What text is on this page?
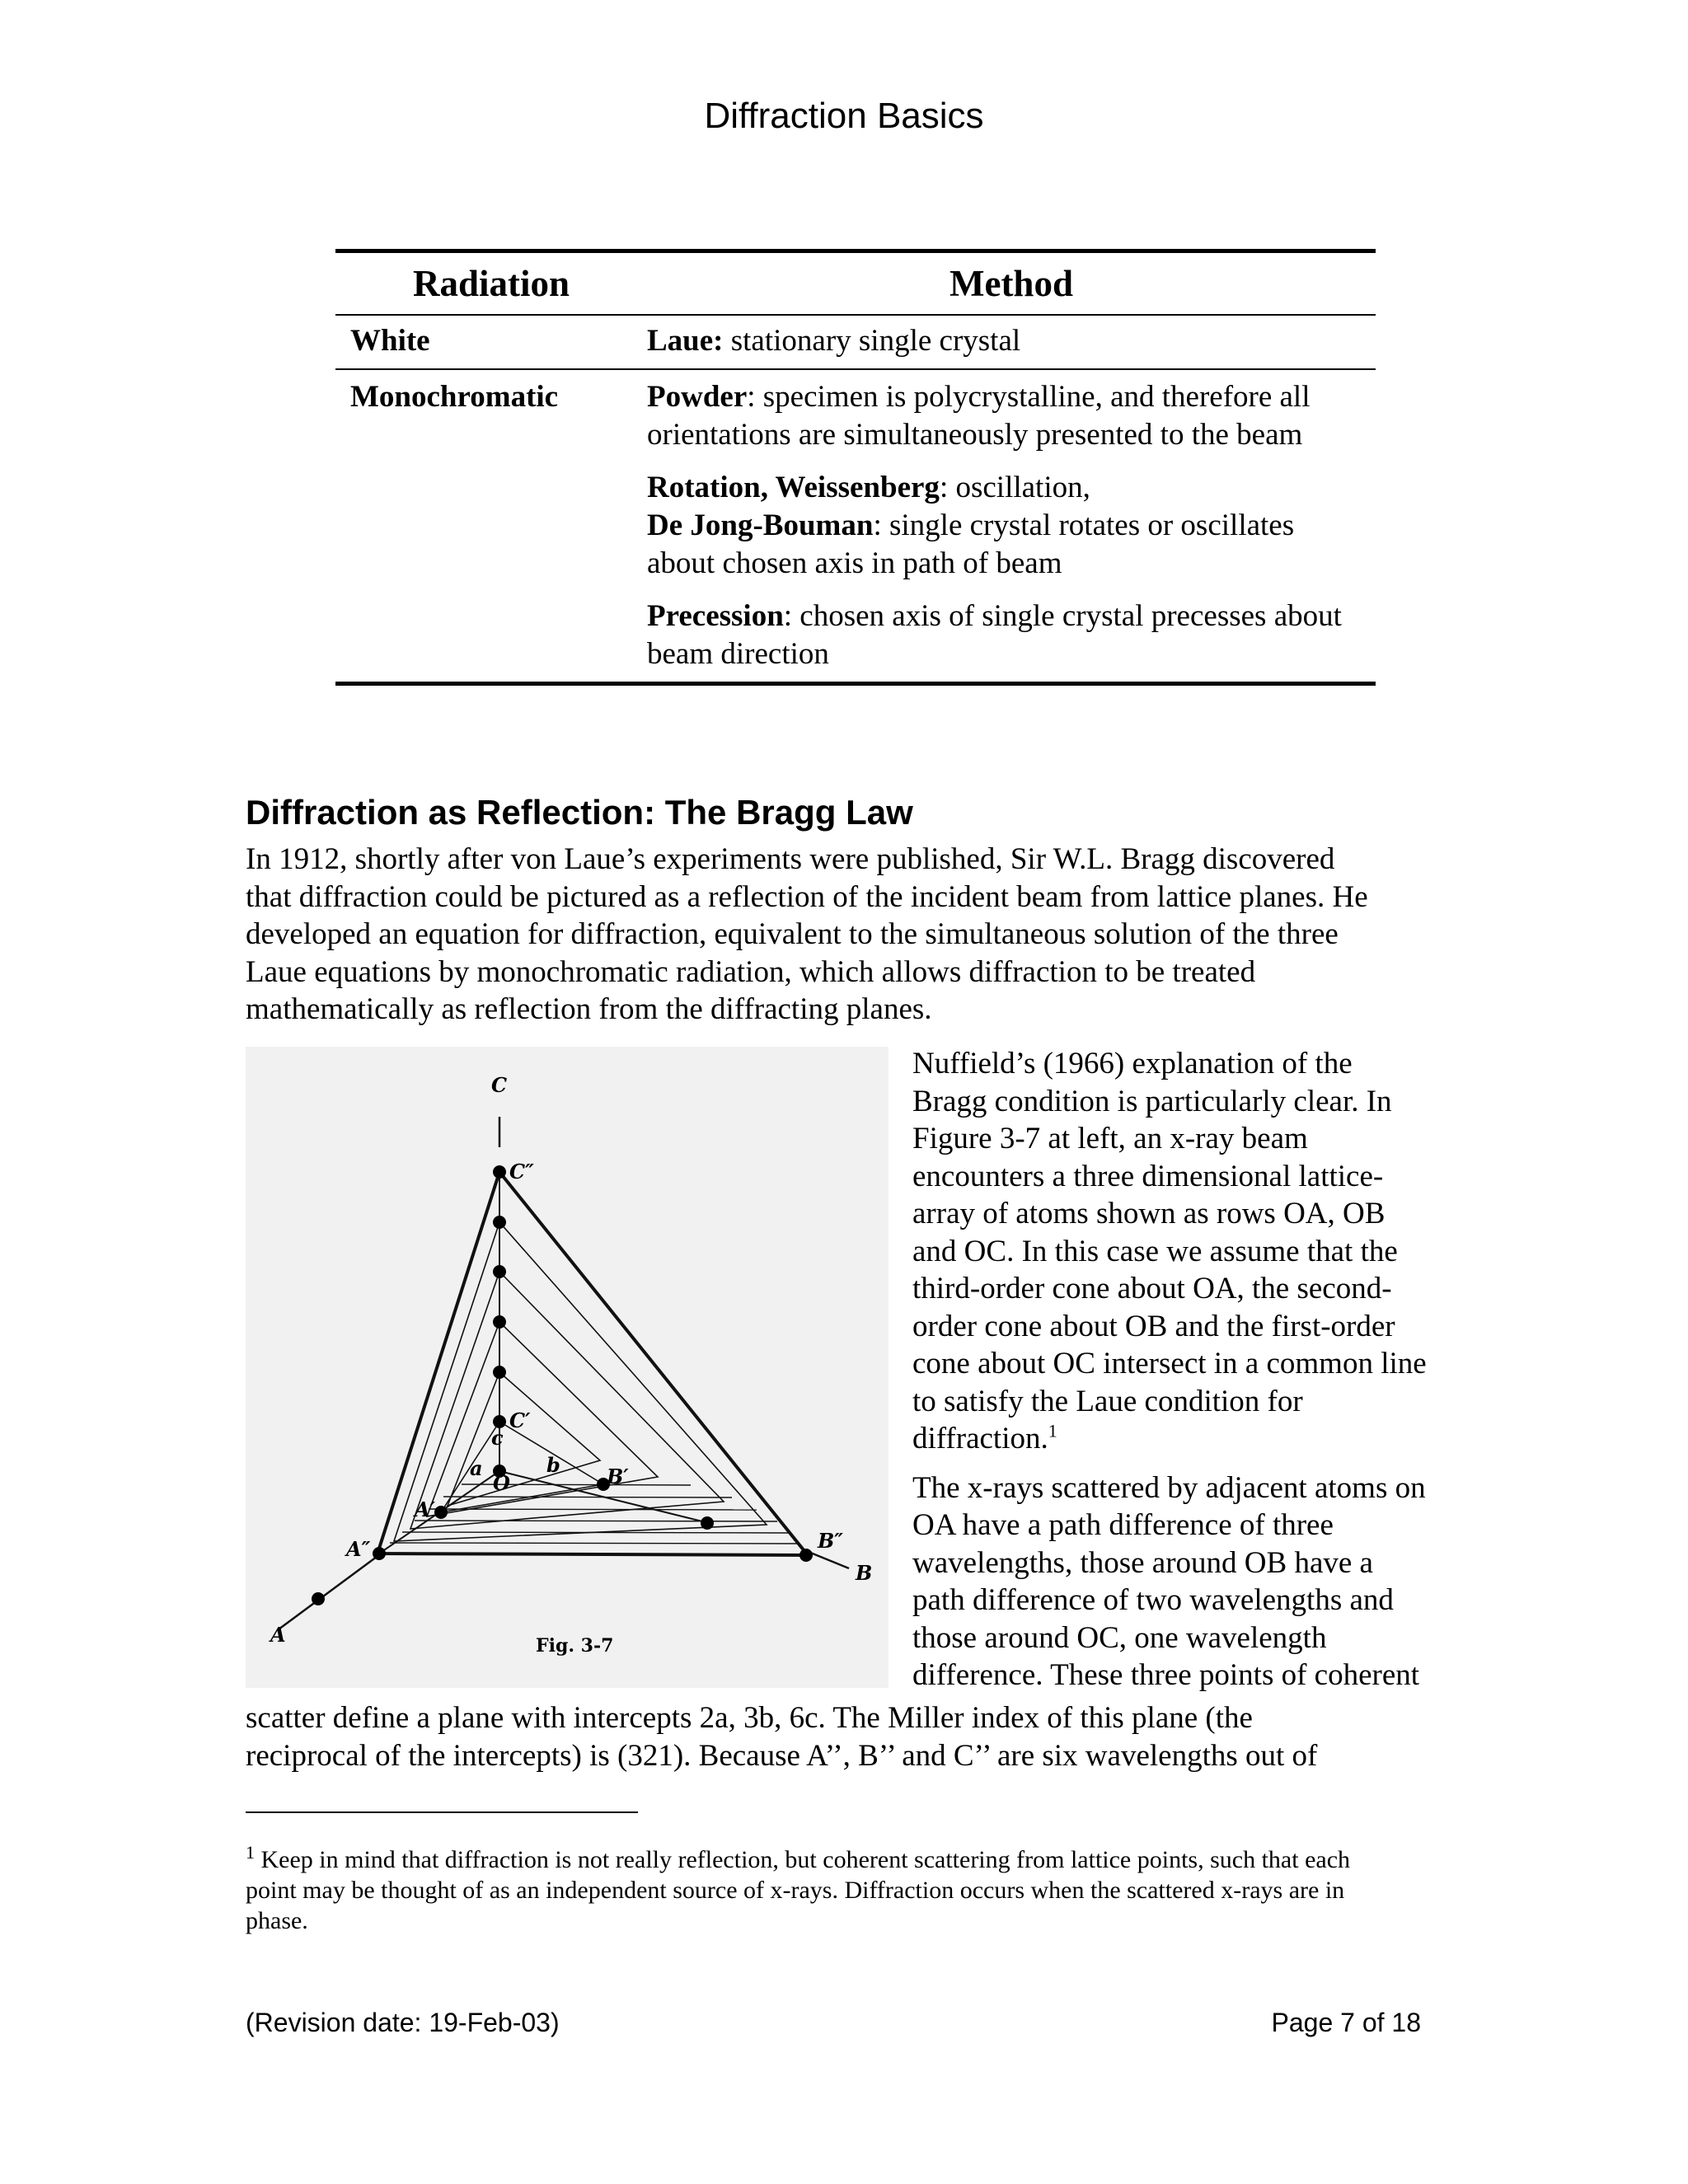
Diffraction Basics
Radiation	Method
White	Laue: stationary single crystal
Monochromatic	Powder: specimen is polycrystalline, and therefore all orientations are simultaneously presented to the beam
Rotation, Weissenberg: oscillation,
De Jong-Bouman: single crystal rotates or oscillates about chosen axis in path of beam
Precession: chosen axis of single crystal precesses about beam direction
Diffraction as Reflection: The Bragg Law
In 1912, shortly after von Laue’s experiments were published, Sir W.L. Bragg discovered
that diffraction could be pictured as a reflection of the incident beam from lattice planes. He
developed an equation for diffraction, equivalent to the simultaneous solution of the three
Laue equations by monochromatic radiation, which allows diffraction to be treated
mathematically as reflection from the diffracting planes.
C
C″
C′
c
A
A″
A′
a
B
B″
B′
b
O
Fig. 3-7
Nuffield’s (1966) explanation of the
Bragg condition is particularly clear. In
Figure 3-7 at left, an x-ray beam
encounters a three dimensional lattice-
array of atoms shown as rows OA, OB
and OC. In this case we assume that the
third-order cone about OA, the second-
order cone about OB and the first-order
cone about OC intersect in a common line
to satisfy the Laue condition for
diffraction.$^1$
The x-rays scattered by adjacent atoms on
OA have a path difference of three
wavelengths, those around OB have a
path difference of two wavelengths and
those around OC, one wavelength
difference. These three points of coherent
scatter define a plane with intercepts 2a, 3b, 6c. The Miller index of this plane (the
reciprocal of the intercepts) is (321). Because A’’, B’’ and C’’ are six wavelengths out of
$^1$ Keep in mind that diffraction is not really reflection, but coherent scattering from lattice points, such that each
point may be thought of as an independent source of x-rays. Diffraction occurs when the scattered x-rays are in
phase.
(Revision date: 19-Feb-03)	Page 7 of 18
